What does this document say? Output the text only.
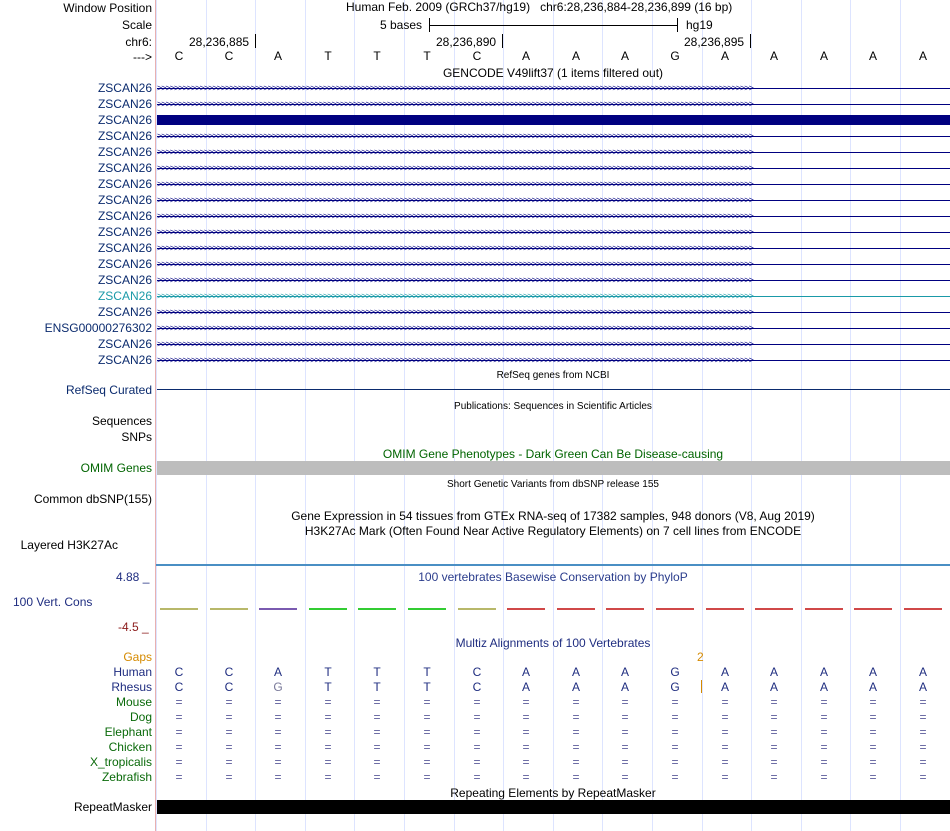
Window Position
Scale
chr6:
--->
Human Feb. 2009 (GRCh37/hg19) chr6:28,236,884-28,236,899 (16 bp)
5 bases	hg19
28,236,885	28,236,890	28,236,895
C	C	A	T	T	T	C	A	A	A	G	A	A	A	A	A
GENCODE V49lift37 (1 items filtered out)
ZSCAN26 >>>>>>>>>>>>>>>>>>>>>>>>>>>>>>>>>>>>>>>>>>>>>>>>>>>>>>>>>>>>>>>>>>>>>>>>>>>>>>>>>>>>>>>>>>>>>>>>>>>>>>>>>>>>>>>>>>>>>>>>>>>>>>>>>>>>>>>>>>>>
ZSCAN26 >>>>>>>>>>>>>>>>>>>>>>>>>>>>>>>>>>>>>>>>>>>>>>>>>>>>>>>>>>>>>>>>>>>>>>>>>>>>>>>>>>>>>>>>>>>>>>>>>>>>>>>>>>>>>>>>>>>>>>>>>>>>>>>>>>>>>>>>>>>>
ZSCAN26
ZSCAN26 >>>>>>>>>>>>>>>>>>>>>>>>>>>>>>>>>>>>>>>>>>>>>>>>>>>>>>>>>>>>>>>>>>>>>>>>>>>>>>>>>>>>>>>>>>>>>>>>>>>>>>>>>>>>>>>>>>>>>>>>>>>>>>>>>>>>>>>>>>>>
ZSCAN26 >>>>>>>>>>>>>>>>>>>>>>>>>>>>>>>>>>>>>>>>>>>>>>>>>>>>>>>>>>>>>>>>>>>>>>>>>>>>>>>>>>>>>>>>>>>>>>>>>>>>>>>>>>>>>>>>>>>>>>>>>>>>>>>>>>>>>>>>>>>>
ZSCAN26 >>>>>>>>>>>>>>>>>>>>>>>>>>>>>>>>>>>>>>>>>>>>>>>>>>>>>>>>>>>>>>>>>>>>>>>>>>>>>>>>>>>>>>>>>>>>>>>>>>>>>>>>>>>>>>>>>>>>>>>>>>>>>>>>>>>>>>>>>>>>
ZSCAN26 >>>>>>>>>>>>>>>>>>>>>>>>>>>>>>>>>>>>>>>>>>>>>>>>>>>>>>>>>>>>>>>>>>>>>>>>>>>>>>>>>>>>>>>>>>>>>>>>>>>>>>>>>>>>>>>>>>>>>>>>>>>>>>>>>>>>>>>>>>>>
ZSCAN26 >>>>>>>>>>>>>>>>>>>>>>>>>>>>>>>>>>>>>>>>>>>>>>>>>>>>>>>>>>>>>>>>>>>>>>>>>>>>>>>>>>>>>>>>>>>>>>>>>>>>>>>>>>>>>>>>>>>>>>>>>>>>>>>>>>>>>>>>>>>>
ZSCAN26 >>>>>>>>>>>>>>>>>>>>>>>>>>>>>>>>>>>>>>>>>>>>>>>>>>>>>>>>>>>>>>>>>>>>>>>>>>>>>>>>>>>>>>>>>>>>>>>>>>>>>>>>>>>>>>>>>>>>>>>>>>>>>>>>>>>>>>>>>>>>
ZSCAN26 >>>>>>>>>>>>>>>>>>>>>>>>>>>>>>>>>>>>>>>>>>>>>>>>>>>>>>>>>>>>>>>>>>>>>>>>>>>>>>>>>>>>>>>>>>>>>>>>>>>>>>>>>>>>>>>>>>>>>>>>>>>>>>>>>>>>>>>>>>>>
ZSCAN26 >>>>>>>>>>>>>>>>>>>>>>>>>>>>>>>>>>>>>>>>>>>>>>>>>>>>>>>>>>>>>>>>>>>>>>>>>>>>>>>>>>>>>>>>>>>>>>>>>>>>>>>>>>>>>>>>>>>>>>>>>>>>>>>>>>>>>>>>>>>>
ZSCAN26 >>>>>>>>>>>>>>>>>>>>>>>>>>>>>>>>>>>>>>>>>>>>>>>>>>>>>>>>>>>>>>>>>>>>>>>>>>>>>>>>>>>>>>>>>>>>>>>>>>>>>>>>>>>>>>>>>>>>>>>>>>>>>>>>>>>>>>>>>>>>
ZSCAN26 >>>>>>>>>>>>>>>>>>>>>>>>>>>>>>>>>>>>>>>>>>>>>>>>>>>>>>>>>>>>>>>>>>>>>>>>>>>>>>>>>>>>>>>>>>>>>>>>>>>>>>>>>>>>>>>>>>>>>>>>>>>>>>>>>>>>>>>>>>>>
ZSCAN26 >>>>>>>>>>>>>>>>>>>>>>>>>>>>>>>>>>>>>>>>>>>>>>>>>>>>>>>>>>>>>>>>>>>>>>>>>>>>>>>>>>>>>>>>>>>>>>>>>>>>>>>>>>>>>>>>>>>>>>>>>>>>>>>>>>>>>>>>>>>>
ZSCAN26 >>>>>>>>>>>>>>>>>>>>>>>>>>>>>>>>>>>>>>>>>>>>>>>>>>>>>>>>>>>>>>>>>>>>>>>>>>>>>>>>>>>>>>>>>>>>>>>>>>>>>>>>>>>>>>>>>>>>>>>>>>>>>>>>>>>>>>>>>>>>
ENSG00000276302 >>>>>>>>>>>>>>>>>>>>>>>>>>>>>>>>>>>>>>>>>>>>>>>>>>>>>>>>>>>>>>>>>>>>>>>>>>>>>>>>>>>>>>>>>>>>>>>>>>>>>>>>>>>>>>>>>>>>>>>>>>>>>>>>>>>>>>>>>>>>
ZSCAN26 >>>>>>>>>>>>>>>>>>>>>>>>>>>>>>>>>>>>>>>>>>>>>>>>>>>>>>>>>>>>>>>>>>>>>>>>>>>>>>>>>>>>>>>>>>>>>>>>>>>>>>>>>>>>>>>>>>>>>>>>>>>>>>>>>>>>>>>>>>>>
ZSCAN26 >>>>>>>>>>>>>>>>>>>>>>>>>>>>>>>>>>>>>>>>>>>>>>>>>>>>>>>>>>>>>>>>>>>>>>>>>>>>>>>>>>>>>>>>>>>>>>>>>>>>>>>>>>>>>>>>>>>>>>>>>>>>>>>>>>>>>>>>>>>>
RefSeq genes from NCBI
RefSeq Curated
Publications: Sequences in Scientific Articles
Sequences
SNPs
OMIM Gene Phenotypes - Dark Green Can Be Disease-causing
OMIM Genes
Short Genetic Variants from dbSNP release 155
Common dbSNP(155)
Gene Expression in 54 tissues from GTEx RNA-seq of 17382 samples, 948 donors (V8, Aug 2019)
H3K27Ac Mark (Often Found Near Active Regulatory Elements) on 7 cell lines from ENCODE
Layered H3K27Ac
100 vertebrates Basewise Conservation by PhyloP
4.88 _
100 Vert. Cons
-4.5 _
Multiz Alignments of 100 Vertebrates
Gaps	2
Human	C	C	A	T	T	T	C	A	A	A	G	A	A	A	A	A
Rhesus	C	C	G	T	T	T	C	A	A	A	G	A	A	A	A	A
Mouse	=	=	=	=	=	=	=	=	=	=	=	=	=	=	=	=
Dog	=	=	=	=	=	=	=	=	=	=	=	=	=	=	=	=
Elephant	=	=	=	=	=	=	=	=	=	=	=	=	=	=	=	=
Chicken	=	=	=	=	=	=	=	=	=	=	=	=	=	=	=	=
X_tropicalis	=	=	=	=	=	=	=	=	=	=	=	=	=	=	=	=
Zebrafish	=	=	=	=	=	=	=	=	=	=	=	=	=	=	=	=
Repeating Elements by RepeatMasker
RepeatMasker
